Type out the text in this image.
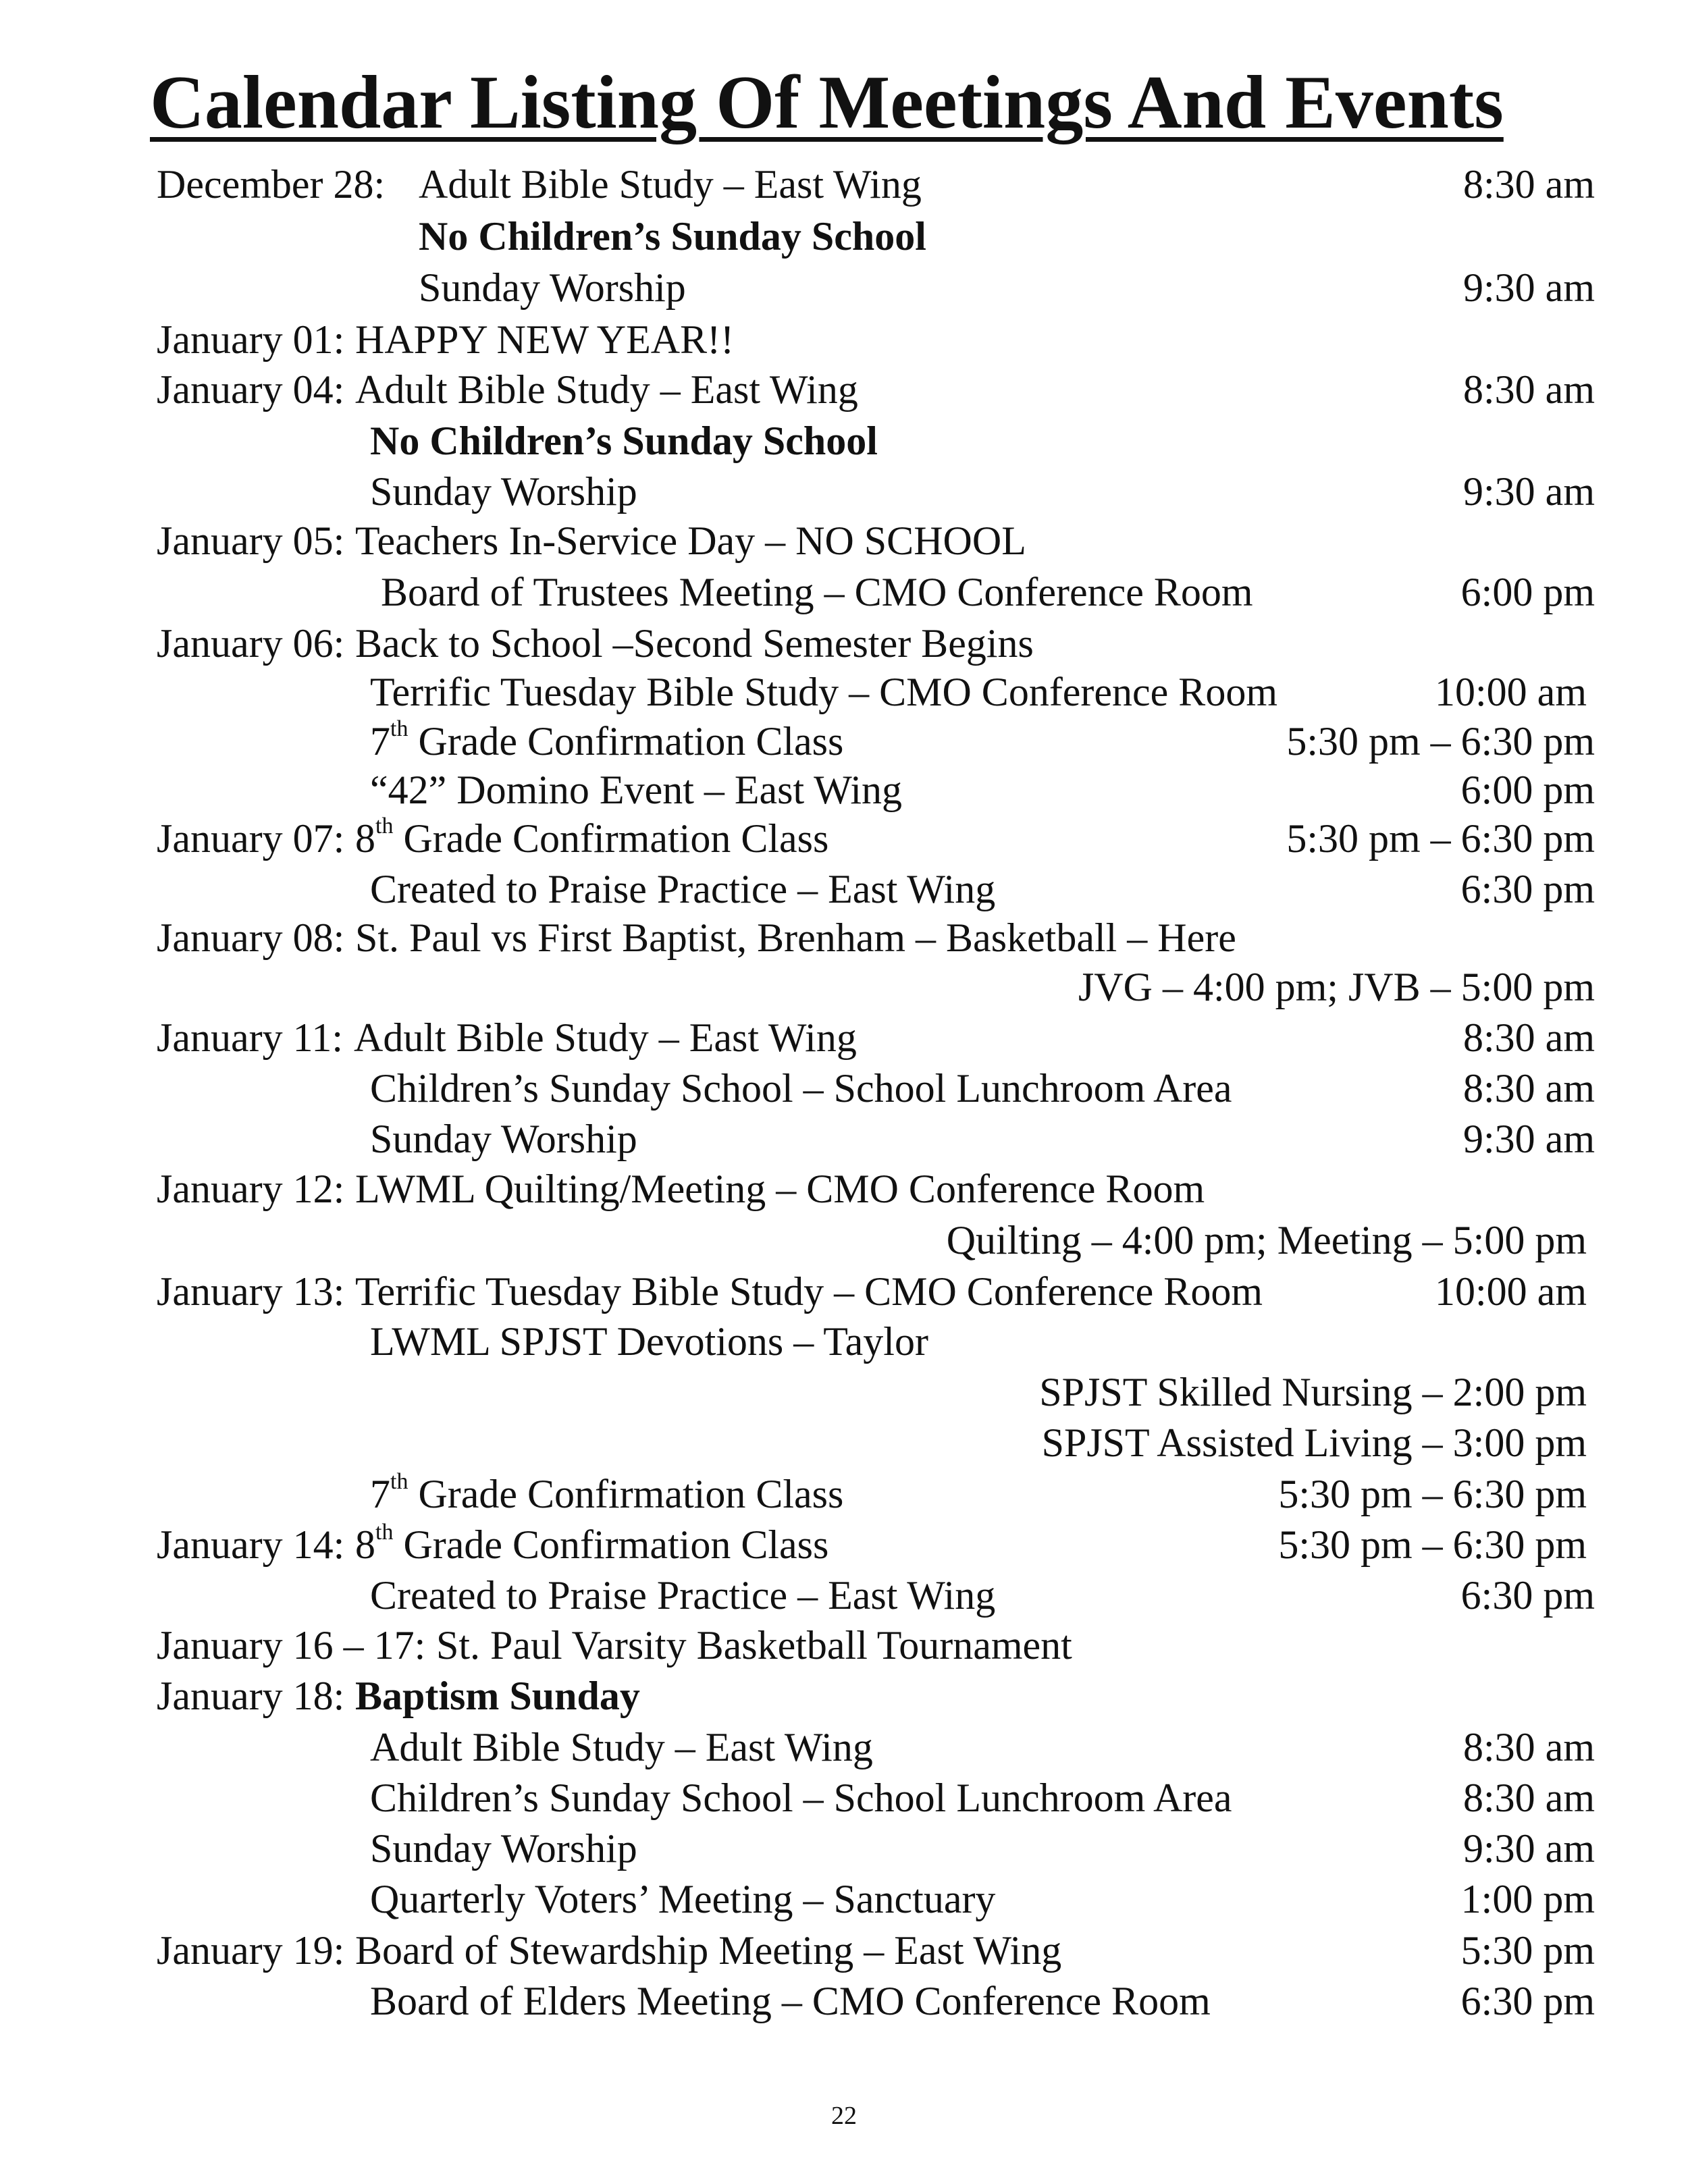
Calendar Listing Of Meetings And Events
December 28: Adult Bible Study – East Wing	8:30 am
No Children’s Sunday School
Sunday Worship	9:30 am
January 01: HAPPY NEW YEAR!!
January 04: Adult Bible Study – East Wing	8:30 am
No Children’s Sunday School
Sunday Worship	9:30 am
January 05: Teachers In-Service Day – NO SCHOOL
Board of Trustees Meeting – CMO Conference Room	6:00 pm
January 06: Back to School –Second Semester Begins
Terrific Tuesday Bible Study – CMO Conference Room	10:00 am
7th Grade Confirmation Class	5:30 pm – 6:30 pm
“42” Domino Event – East Wing	6:00 pm
January 07: 8th Grade Confirmation Class	5:30 pm – 6:30 pm
Created to Praise Practice – East Wing	6:30 pm
January 08: St. Paul vs First Baptist, Brenham – Basketball – Here
JVG – 4:00 pm; JVB – 5:00 pm
January 11: Adult Bible Study – East Wing	8:30 am
Children’s Sunday School – School Lunchroom Area	8:30 am
Sunday Worship	9:30 am
January 12: LWML Quilting/Meeting – CMO Conference Room
Quilting – 4:00 pm; Meeting – 5:00 pm
January 13: Terrific Tuesday Bible Study – CMO Conference Room	10:00 am
LWML SPJST Devotions – Taylor
SPJST Skilled Nursing – 2:00 pm
SPJST Assisted Living – 3:00 pm
7th Grade Confirmation Class	5:30 pm – 6:30 pm
January 14: 8th Grade Confirmation Class	5:30 pm – 6:30 pm
Created to Praise Practice – East Wing	6:30 pm
January 16 – 17: St. Paul Varsity Basketball Tournament
January 18: Baptism Sunday
Adult Bible Study – East Wing	8:30 am
Children’s Sunday School – School Lunchroom Area	8:30 am
Sunday Worship	9:30 am
Quarterly Voters’ Meeting – Sanctuary	1:00 pm
January 19: Board of Stewardship Meeting – East Wing	5:30 pm
Board of Elders Meeting – CMO Conference Room	6:30 pm
22
